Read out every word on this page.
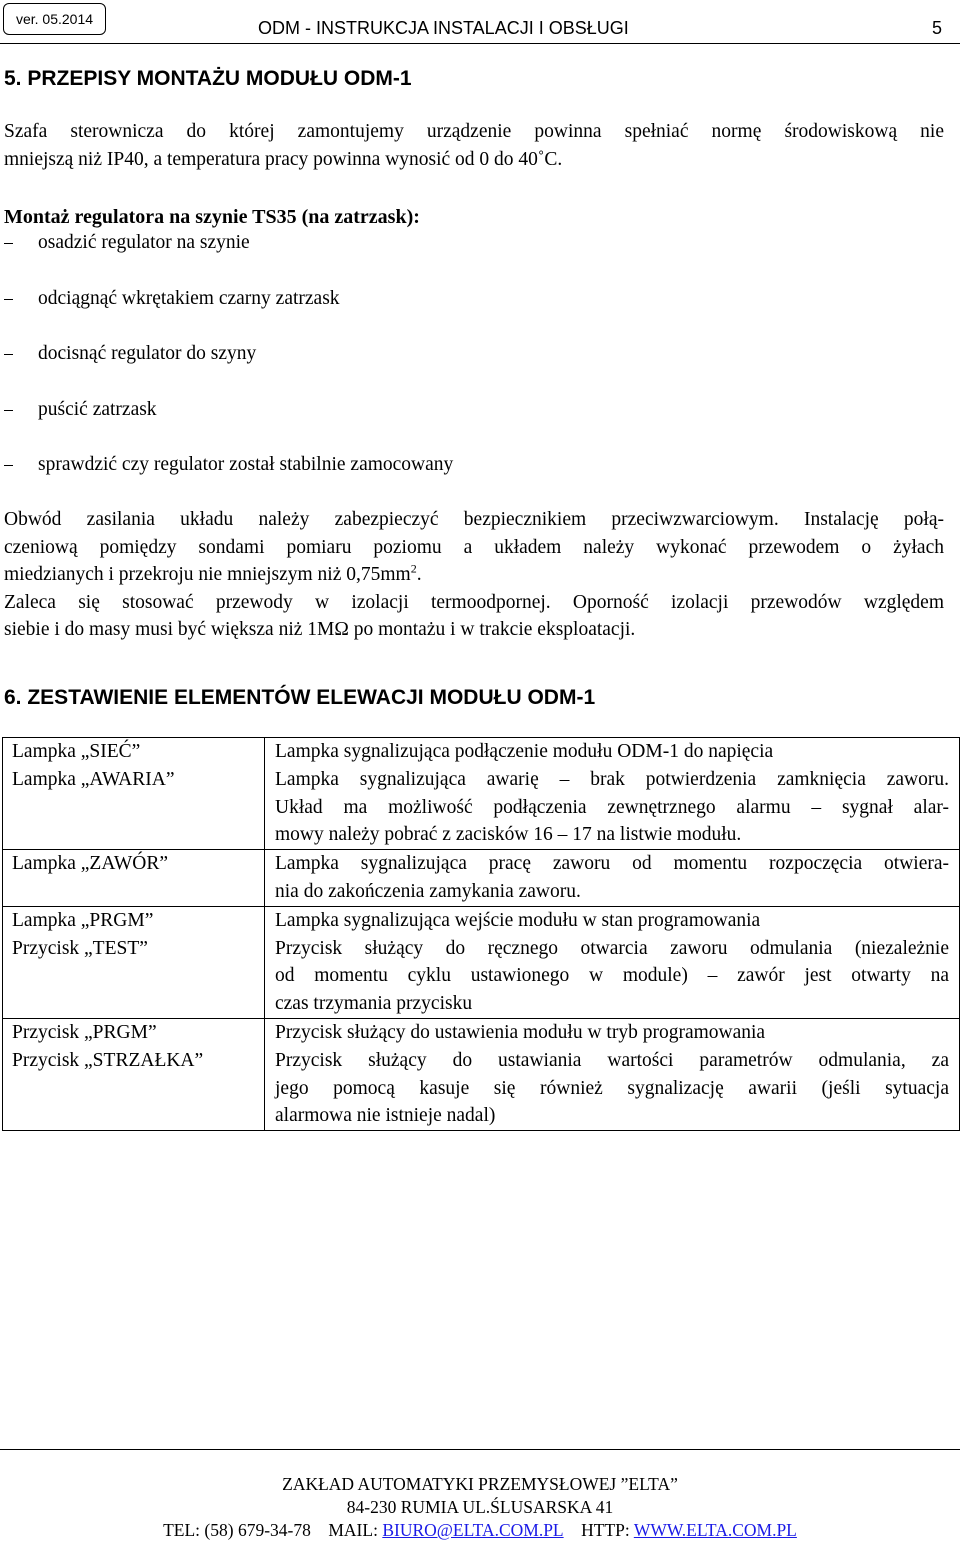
ver. 05.2014	ODM - INSTRUKCJA INSTALACJI I OBSŁUGI	5
5. PRZEPISY MONTAŻU MODUŁU ODM-1
Szafa sterownicza do której zamontujemy urządzenie powinna spełniać normę środowiskową nie
mniejszą niż IP40, a temperatura pracy powinna wynosić od 0 do 40˚C.
Montaż regulatora na szynie TS35 (na zatrzask):
osadzić regulator na szynie
odciągnąć wkrętakiem czarny zatrzask
docisnąć regulator do szyny
puścić zatrzask
sprawdzić czy regulator został stabilnie zamocowany
Obwód zasilania układu należy zabezpieczyć bezpiecznikiem przeciwzwarciowym. Instalację połą-
czeniową pomiędzy sondami pomiaru poziomu a układem należy wykonać przewodem o żyłach
miedzianych i przekroju nie mniejszym niż $0,75mm^2$.
Zaleca się stosować przewody w izolacji termoodpornej. Oporność izolacji przewodów względem
siebie i do masy musi być większa niż 1MΩ po montażu i w trakcie eksploatacji.
6. ZESTAWIENIE ELEMENTÓW ELEWACJI MODUŁU ODM-1
Lampka „SIEĆ”
Lampka „AWARIA”	Lampka sygnalizująca podłączenie modułu ODM-1 do napięcia
Lampka sygnalizująca awarię – brak potwierdzenia zamknięcia zaworu.
Układ ma możliwość podłączenia zewnętrznego alarmu – sygnał alar-
mowy należy pobrać z zacisków 16 – 17 na listwie modułu.

Lampka „ZAWÓR”	Lampka sygnalizująca pracę zaworu od momentu rozpoczęcia otwiera-
nia do zakończenia zamykania zaworu.

Lampka „PRGM”
Przycisk „TEST”	Lampka sygnalizująca wejście modułu w stan programowania
Przycisk służący do ręcznego otwarcia zaworu odmulania (niezależnie
od momentu cyklu ustawionego w module) – zawór jest otwarty na
czas trzymania przycisku

Przycisk „PRGM”
Przycisk „STRZAŁKA”	Przycisk służący do ustawienia modułu w tryb programowania
Przycisk służący do ustawiania wartości parametrów odmulania, za
jego pomocą kasuje się również sygnalizację awarii (jeśli sytuacja
alarmowa nie istnieje nadal)
ZAKŁAD AUTOMATYKI PRZEMYSŁOWEJ ”ELTA”
84-230 RUMIA UL.ŚLUSARSKA 41
TEL: (58) 679-34-78 MAIL: BIURO@ELTA.COM.PL HTTP: WWW.ELTA.COM.PL
